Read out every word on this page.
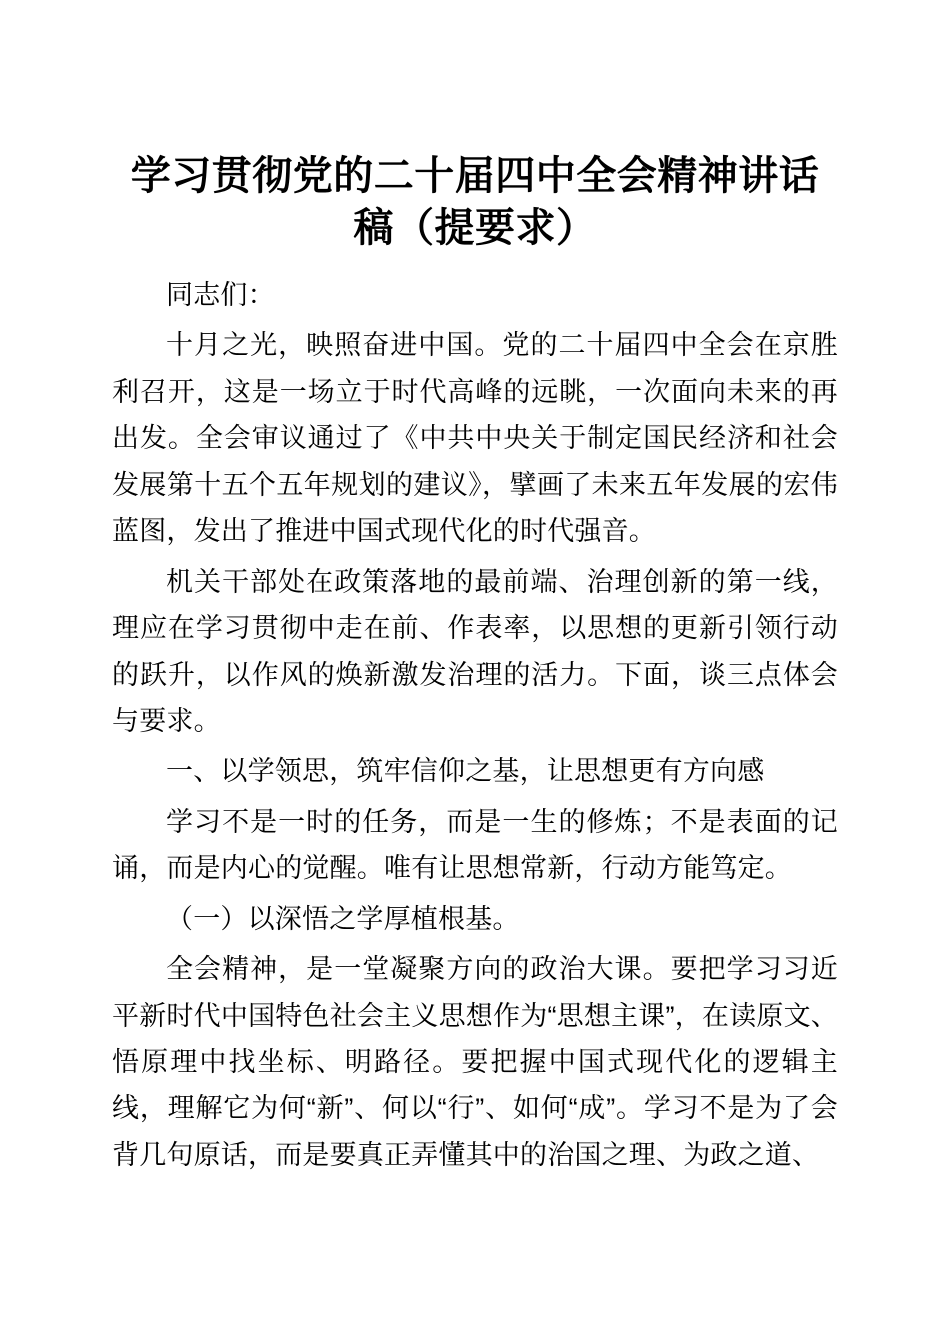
学习贯彻党的二十届四中全会精神讲话稿（提要求）

同志们：

十月之光，映照奋进中国。党的二十届四中全会在京胜利召开，这是一场立于时代高峰的远眺，一次面向未来的再出发。全会审议通过了《中共中央关于制定国民经济和社会发展第十五个五年规划的建议》，擘画了未来五年发展的宏伟蓝图，发出了推进中国式现代化的时代强音。

机关干部处在政策落地的最前端、治理创新的第一线，理应在学习贯彻中走在前、作表率，以思想的更新引领行动的跃升，以作风的焕新激发治理的活力。下面，谈三点体会与要求。

一、以学领思，筑牢信仰之基，让思想更有方向感

学习不是一时的任务，而是一生的修炼；不是表面的记诵，而是内心的觉醒。唯有让思想常新，行动方能笃定。

（一）以深悟之学厚植根基。

全会精神，是一堂凝聚方向的政治大课。要把学习习近平新时代中国特色社会主义思想作为“思想主课”，在读原文、悟原理中找坐标、明路径。要把握中国式现代化的逻辑主线，理解它为何“新”、何以“行”、如何“成”。学习不是为了会背几句原话，而是要真正弄懂其中的治国之理、为政之道、
